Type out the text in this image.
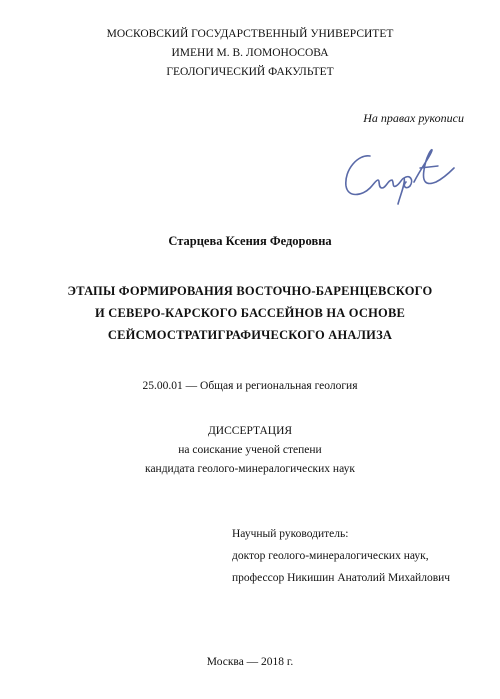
МОСКОВСКИЙ ГОСУДАРСТВЕННЫЙ УНИВЕРСИТЕТ
ИМЕНИ М. В. ЛОМОНОСОВА
ГЕОЛОГИЧЕСКИЙ ФАКУЛЬТЕТ
На правах рукописи
Старцева Ксения Федоровна
ЭТАПЫ ФОРМИРОВАНИЯ ВОСТОЧНО-БАРЕНЦЕВСКОГО
И СЕВЕРО-КАРСКОГО БАССЕЙНОВ НА ОСНОВЕ
СЕЙСМОСТРАТИГРАФИЧЕСКОГО АНАЛИЗА
25.00.01 — Общая и региональная геология
ДИССЕРТАЦИЯ
на соискание ученой степени
кандидата геолого-минералогических наук
Научный руководитель:
доктор геолого-минералогических наук,
профессор Никишин Анатолий Михайлович
Москва — 2018 г.
